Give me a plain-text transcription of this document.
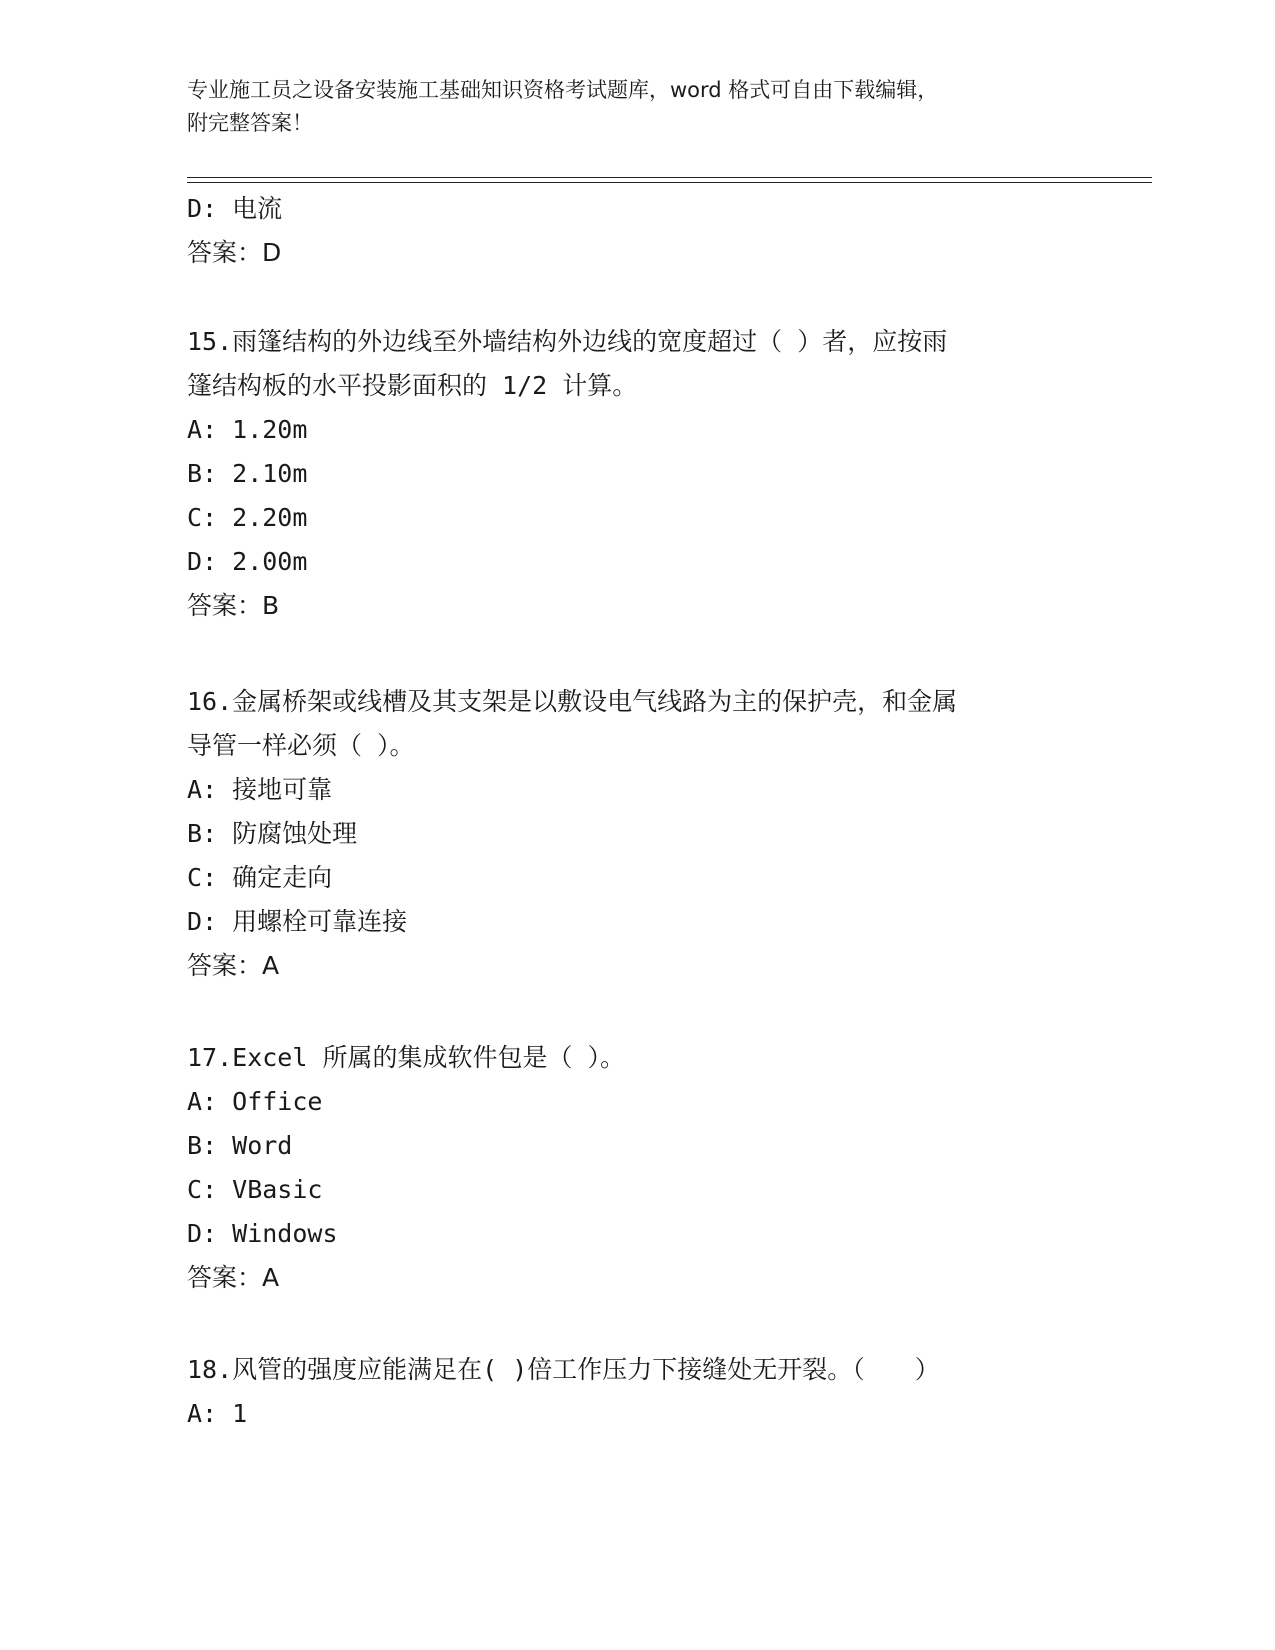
专业施工员之设备安装施工基础知识资格考试题库，word 格式可自由下载编辑，
附完整答案！
D: 电流
答案：D
15.雨篷结构的外边线至外墙结构外边线的宽度超过（ ）者，应按雨
篷结构板的水平投影面积的 1/2 计算。
A: 1.20m
B: 2.10m
C: 2.20m
D: 2.00m
答案：B
16.金属桥架或线槽及其支架是以敷设电气线路为主的保护壳，和金属
导管一样必须（ ）。
A: 接地可靠
B: 防腐蚀处理
C: 确定走向
D: 用螺栓可靠连接
答案：A
17.Excel 所属的集成软件包是（ ）。
A: Office
B: Word
C: VBasic
D: Windows
答案：A
18.风管的强度应能满足在( )倍工作压力下接缝处无开裂。（　　）
A: 1
